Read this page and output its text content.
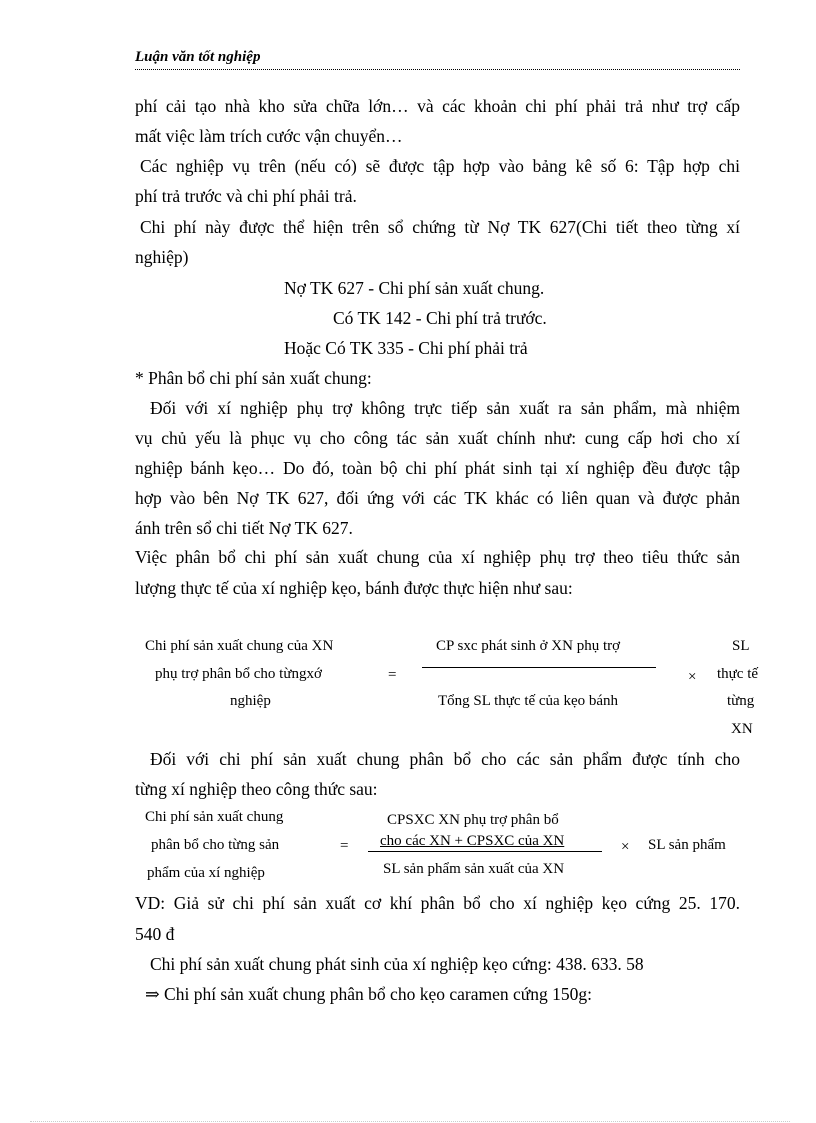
Luận văn tốt nghiệp
phí cải tạo nhà kho sửa chữa lớn… và các khoản chi phí phải trả như trợ cấp
mất việc làm trích cước vận chuyển…
Các nghiệp vụ trên (nếu có) sẽ được tập hợp vào bảng kê số 6: Tập hợp chi
phí trả trước và chi phí phải trả.
Chi phí này được thể hiện trên sổ chứng từ Nợ TK 627(Chi tiết theo từng xí
nghiệp)
Nợ TK 627 - Chi phí sản xuất chung.
Có TK 142 - Chi phí trả trước.
Hoặc Có TK 335 - Chi phí phải trả
* Phân bổ chi phí sản xuất chung:
Đối với xí nghiệp phụ trợ không trực tiếp sản xuất ra sản phẩm, mà nhiệm
vụ chủ yếu là phục vụ cho công tác sản xuất chính như: cung cấp hơi cho xí
nghiệp bánh kẹo… Do đó, toàn bộ chi phí phát sinh tại xí nghiệp đều được tập
hợp vào bên Nợ TK 627, đối ứng với các TK khác có liên quan và được phản
ánh trên sổ chi tiết Nợ TK 627.
Việc phân bổ chi phí sản xuất chung của xí nghiệp phụ trợ theo tiêu thức sản
lượng thực tế của xí nghiệp kẹo, bánh được thực hiện như sau:
Chi phí sản xuất chung của XN
phụ trợ phân bổ cho từngxớ
nghiệp
=
CP sxc phát sinh ở XN phụ trợ
Tổng SL thực tế của kẹo bánh
×
SL
thực tế
từng
XN
Đối với chi phí sản xuất chung phân bổ cho các sản phẩm được tính cho
từng xí nghiệp theo công thức sau:
Chi phí sản xuất chung
phân bổ cho từng sản
phẩm của xí nghiệp
=
CPSXC XN phụ trợ phân bổ
cho các XN + CPSXC của XN
SL sản phẩm sản xuất của XN
× SL sản phẩm
VD: Giả sử chi phí sản xuất cơ khí phân bổ cho xí nghiệp kẹo cứng 25. 170.
540 đ
Chi phí sản xuất chung phát sinh của xí nghiệp kẹo cứng: 438. 633. 58
⇒ Chi phí sản xuất chung phân bổ cho kẹo caramen cứng 150g:
